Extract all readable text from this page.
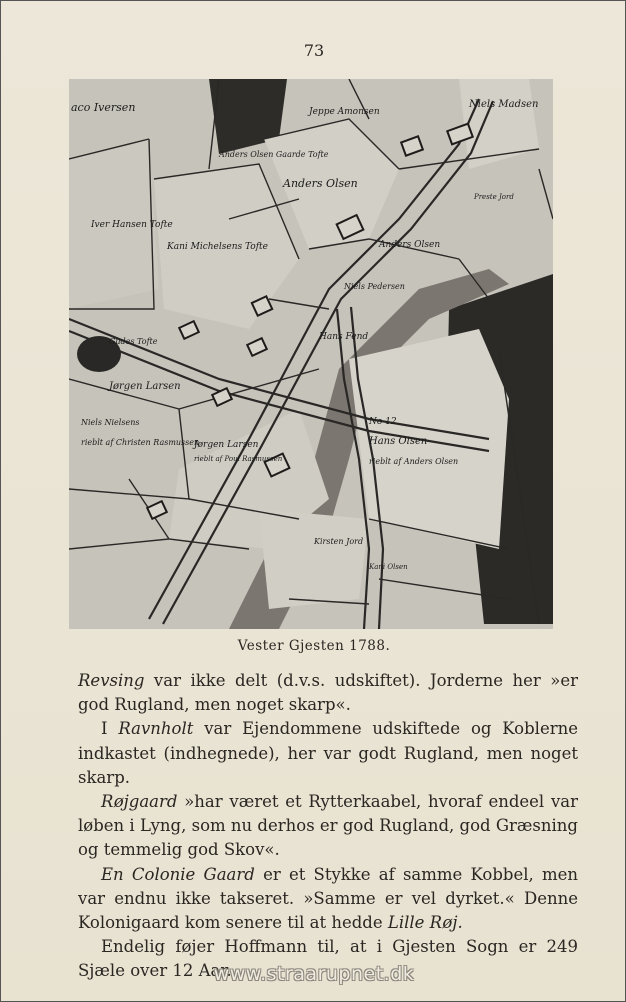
73
aco Iversen	Jeppe Amonsen
Niels Madsen
Anders Olsen Gaarde Tofte
Anders Olsen
Anders Olsen
Iver Hansen Tofte
Kani Michelsens Tofte
Niels Pedersen
Hans Fend
No 12
Hans Olsen
rieblt af Anders Olsen
Gudes Tofte
Jørgen Larsen
Niels Nielsens
rieblt af Christen Rasmussen
Jørgen Larsen
rieblt af Poul Rasmussen
Kirsten Jord
Kani Olsen
Preste Jord
Vester Gjesten 1788.

Revsing var ikke delt (d.v.s. udskiftet). Jorderne her »er god Rugland, men noget skarp«.

I Ravnholt var Ejendommene udskiftede og Koblerne indkastet (indhegnede), her var godt Rugland, men noget skarp.

Røjgaard »har været et Rytterkaabel, hvoraf endeel var løben i Lyng, som nu derhos er god Rugland, god Græsning og temmelig god Skov«.

En Colonie Gaard er et Stykke af samme Kobbel, men var endnu ikke takseret. »Samme er vel dyrket.« Denne Kolonigaard kom senere til at hedde Lille Røj.

Endelig føjer Hoffmann til, at i Gjesten Sogn er 249 Sjæle over 12 Aar.

www.straarupnet.dk
